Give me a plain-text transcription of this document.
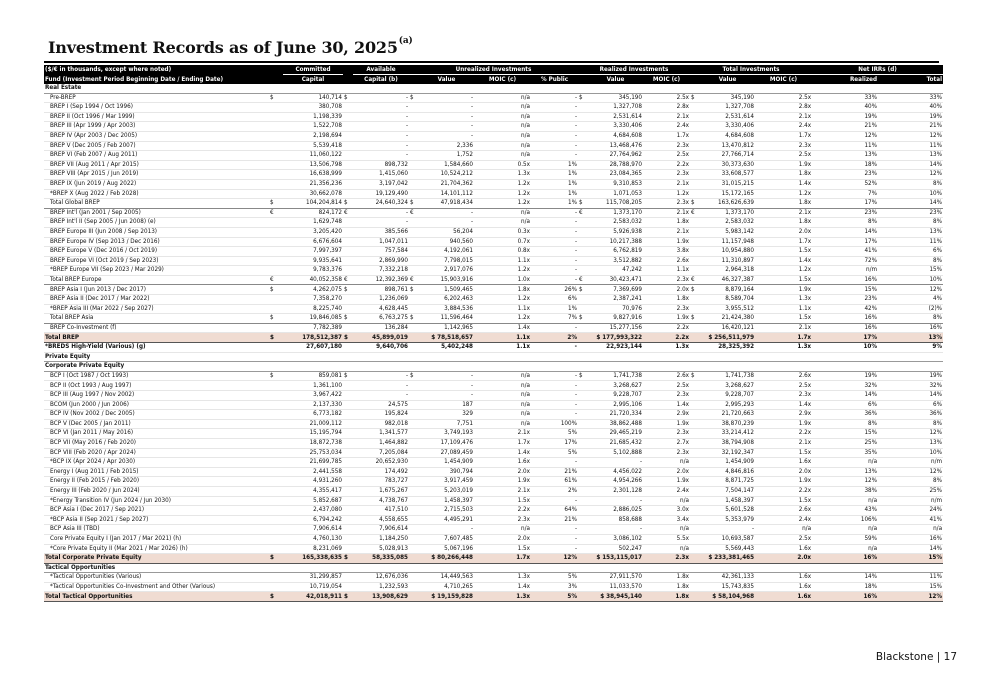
Investment Records as of June 30, 2025$^{(a)}$
($/€ in thousands, except where noted)		Committed		Available	Unrealized Investments				Realized Investments			Total Investments			Net IRRs (d)	
Fund (Investment Period Beginning Date / Ending Date)		Capital		Capital (b)		Value	MOIC (c)	% Public		Value	MOIC (c)		Value	MOIC (c)	Realized	Total
Real Estate																
Pre-BREP	$	140,714	$	-	$	-	n/a	-	$	345,190	2.5x	$	345,190	2.5x	33%	33%
BREP I (Sep 1994 / Oct 1996)		380,708		-		-	n/a	-		1,327,708	2.8x		1,327,708	2.8x	40%	40%
BREP II (Oct 1996 / Mar 1999)		1,198,339		-		-	n/a	-		2,531,614	2.1x		2,531,614	2.1x	19%	19%
BREP III (Apr 1999 / Apr 2003)		1,522,708		-		-	n/a	-		3,330,406	2.4x		3,330,406	2.4x	21%	21%
BREP IV (Apr 2003 / Dec 2005)		2,198,694		-		-	n/a	-		4,684,608	1.7x		4,684,608	1.7x	12%	12%
BREP V (Dec 2005 / Feb 2007)		5,539,418		-		2,336	n/a	-		13,468,476	2.3x		13,470,812	2.3x	11%	11%
BREP VI (Feb 2007 / Aug 2011)		11,060,122		-		1,752	n/a	-		27,764,962	2.5x		27,766,714	2.5x	13%	13%
BREP VII (Aug 2011 / Apr 2015)		13,506,798		898,732		1,584,660	0.5x	1%		28,788,970	2.2x		30,373,630	1.9x	18%	14%
BREP VIII (Apr 2015 / Jun 2019)		16,638,999		1,415,060		10,524,212	1.3x	1%		23,084,365	2.3x		33,608,577	1.8x	23%	12%
BREP IX (Jun 2019 / Aug 2022)		21,356,236		3,197,042		21,704,362	1.2x	1%		9,310,853	2.1x		31,015,215	1.4x	52%	8%
*BREP X (Aug 2022 / Feb 2028)		30,662,078		19,129,490		14,101,112	1.2x	1%		1,071,053	1.2x		15,172,165	1.2x	7%	10%
Total Global BREP	$	104,204,814	$	24,640,324	$	47,918,434	1.2x	1%	$	115,708,205	2.3x	$	163,626,639	1.8x	17%	14%
BREP Int'l (Jan 2001 / Sep 2005)	€	824,172	€	-	€	-	n/a	-	€	1,373,170	2.1x	€	1,373,170	2.1x	23%	23%
BREP Int'l II (Sep 2005 / Jun 2008) (e)		1,629,748		-		-	n/a	-		2,583,032	1.8x		2,583,032	1.8x	8%	8%
BREP Europe III (Jun 2008 / Sep 2013)		3,205,420		385,566		56,204	0.3x	-		5,926,938	2.1x		5,983,142	2.0x	14%	13%
BREP Europe IV (Sep 2013 / Dec 2016)		6,676,604		1,047,011		940,560	0.7x	-		10,217,388	1.9x		11,157,948	1.7x	17%	11%
BREP Europe V (Dec 2016 / Oct 2019)		7,997,397		757,584		4,192,061	0.8x	-		6,762,819	3.8x		10,954,880	1.5x	41%	6%
BREP Europe VI (Oct 2019 / Sep 2023)		9,935,641		2,869,990		7,798,015	1.1x	-		3,512,882	2.6x		11,310,897	1.4x	72%	8%
*BREP Europe VII (Sep 2023 / Mar 2029)		9,783,376		7,332,218		2,917,076	1.2x	-		47,242	1.1x		2,964,318	1.2x	n/m	15%
Total BREP Europe	€	40,052,358	€	12,392,369	€	15,903,916	1.0x	-	€	30,423,471	2.3x	€	46,327,387	1.5x	16%	10%
BREP Asia I (Jun 2013 / Dec 2017)	$	4,262,075	$	898,761	$	1,509,465	1.8x	26%	$	7,369,699	2.0x	$	8,879,164	1.9x	15%	12%
BREP Asia II (Dec 2017 / Mar 2022)		7,358,270		1,236,069		6,202,463	1.2x	6%		2,387,241	1.8x		8,589,704	1.3x	23%	4%
*BREP Asia III (Mar 2022 / Sep 2027)		8,225,740		4,628,445		3,884,536	1.1x	1%		70,976	2.3x		3,955,512	1.1x	42%	(2)%
Total BREP Asia	$	19,846,085	$	6,763,275	$	11,596,464	1.2x	7%	$	9,827,916	1.9x	$	21,424,380	1.5x	16%	8%
BREP Co-Investment (f)		7,782,389		136,284		1,142,965	1.4x	-		15,277,156	2.2x		16,420,121	2.1x	16%	16%
Total BREP	$	178,512,387	$	45,899,019		$ 78,518,657	1.1x	2%		$ 177,993,322	2.2x		$ 256,511,979	1.7x	17%	13%
*BREDS High-Yield (Various) (g)		27,607,180		9,640,706		5,402,248	1.1x	-		22,923,144	1.3x		28,325,392	1.3x	10%	9%
Private Equity																
Corporate Private Equity																
BCP I (Oct 1987 / Oct 1993)	$	859,081	$	-	$	-	n/a	-	$	1,741,738	2.6x	$	1,741,738	2.6x	19%	19%
BCP II (Oct 1993 / Aug 1997)		1,361,100		-		-	n/a	-		3,268,627	2.5x		3,268,627	2.5x	32%	32%
BCP III (Aug 1997 / Nov 2002)		3,967,422		-		-	n/a	-		9,228,707	2.3x		9,228,707	2.3x	14%	14%
BCOM (Jun 2000 / Jun 2006)		2,137,330		24,575		187	n/a	-		2,995,106	1.4x		2,995,293	1.4x	6%	6%
BCP IV (Nov 2002 / Dec 2005)		6,773,182		195,824		329	n/a	-		21,720,334	2.9x		21,720,663	2.9x	36%	36%
BCP V (Dec 2005 / Jan 2011)		21,009,112		982,018		7,751	n/a	100%		38,862,488	1.9x		38,870,239	1.9x	8%	8%
BCP VI (Jan 2011 / May 2016)		15,195,794		1,341,577		3,749,193	2.1x	5%		29,465,219	2.3x		33,214,412	2.2x	15%	12%
BCP VII (May 2016 / Feb 2020)		18,872,738		1,464,882		17,109,476	1.7x	17%		21,685,432	2.7x		38,794,908	2.1x	25%	13%
BCP VIII (Feb 2020 / Apr 2024)		25,753,034		7,205,084		27,089,459	1.4x	5%		5,102,888	2.3x		32,192,347	1.5x	35%	10%
*BCP IX (Apr 2024 / Apr 2030)		21,699,785		20,652,930		1,454,909	1.6x	-		-	n/a		1,454,909	1.6x	n/a	n/m
Energy I (Aug 2011 / Feb 2015)		2,441,558		174,492		390,794	2.0x	21%		4,456,022	2.0x		4,846,816	2.0x	13%	12%
Energy II (Feb 2015 / Feb 2020)		4,931,260		783,727		3,917,459	1.9x	61%		4,954,266	1.9x		8,871,725	1.9x	12%	8%
Energy III (Feb 2020 / Jun 2024)		4,355,417		1,675,267		5,203,019	2.1x	2%		2,301,128	2.4x		7,504,147	2.2x	38%	25%
*Energy Transition IV (Jun 2024 / Jun 2030)		5,852,687		4,738,767		1,458,397	1.5x	-		-	n/a		1,458,397	1.5x	n/a	n/m
BCP Asia I (Dec 2017 / Sep 2021)		2,437,080		417,510		2,715,503	2.2x	64%		2,886,025	3.0x		5,601,528	2.6x	43%	24%
*BCP Asia II (Sep 2021 / Sep 2027)		6,794,242		4,558,655		4,495,291	2.3x	21%		858,688	3.4x		5,353,979	2.4x	106%	41%
BCP Asia III (TBD)		7,906,614		7,906,614		-	n/a	-		-	n/a		-	n/a	n/a	n/a
Core Private Equity I (Jan 2017 / Mar 2021) (h)		4,760,130		1,184,250		7,607,485	2.0x	-		3,086,102	5.5x		10,693,587	2.5x	59%	16%
*Core Private Equity II (Mar 2021 / Mar 2026) (h)		8,231,069		5,028,913		5,067,196	1.5x	-		502,247	n/a		5,569,443	1.6x	n/a	14%
Total Corporate Private Equity	$	165,338,635	$	58,335,085		$ 80,266,448	1.7x	12%		$ 153,115,017	2.3x		$ 233,381,465	2.0x	16%	15%
Tactical Opportunities																
*Tactical Opportunities (Various)		31,299,857		12,676,036		14,449,563	1.3x	5%		27,911,570	1.8x		42,361,133	1.6x	14%	11%
*Tactical Opportunities Co-Investment and Other (Various)		10,719,054		1,232,593		4,710,265	1.4x	3%		11,033,570	1.8x		15,743,835	1.6x	18%	15%
Total Tactical Opportunities	$	42,018,911	$	13,908,629		$ 19,159,828	1.3x	5%		$ 38,945,140	1.8x		$ 58,104,968	1.6x	16%	12%
Blackstone | 17
